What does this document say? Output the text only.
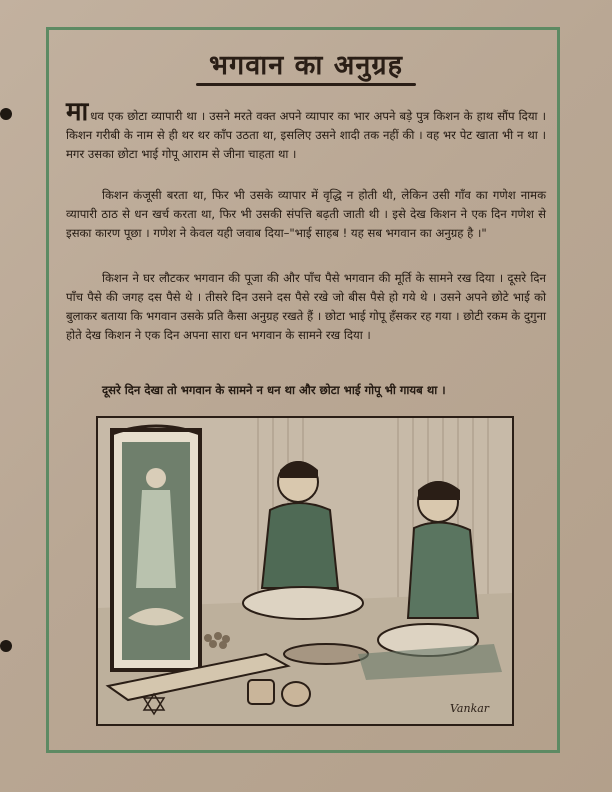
भगवान का अनुग्रह

माधव एक छोटा व्यापारी था । उसने मरते वक्त अपने व्यापार का भार अपने बड़े पुत्र किशन के हाथ सौंप दिया । किशन गरीबी के नाम से ही थर थर काँप उठता था, इसलिए उसने शादी तक नहीं की । वह भर पेट खाता भी न था । मगर उसका छोटा भाई गोपू आराम से जीना चाहता था ।

किशन कंजूसी बरता था, फिर भी उसके व्यापार में वृद्धि न होती थी, लेकिन उसी गाँव का गणेश नामक व्यापारी ठाठ से धन खर्च करता था, फिर भी उसकी संपत्ति बढ़ती जाती थी । इसे देख किशन ने एक दिन गणेश से इसका कारण पूछा । गणेश ने केवल यही जवाब दिया–"भाई साहब ! यह सब भगवान का अनुग्रह है ।"

किशन ने घर लौटकर भगवान की पूजा की और पाँच पैसे भगवान की मूर्ति के सामने रख दिया । दूसरे दिन पाँच पैसे की जगह दस पैसे थे । तीसरे दिन उसने दस पैसे रखे जो बीस पैसे हो गये थे । उसने अपने छोटे भाई को बुलाकर बताया कि भगवान उसके प्रति कैसा अनुग्रह रखते हैं । छोटा भाई गोपू हँसकर रह गया । छोटी रकम के दुगुना होते देख किशन ने एक दिन अपना सारा धन भगवान के सामने रख दिया ।

दूसरे दिन देखा तो भगवान के सामने न धन था और छोटा भाई गोपू भी गायब था ।

Vankar
